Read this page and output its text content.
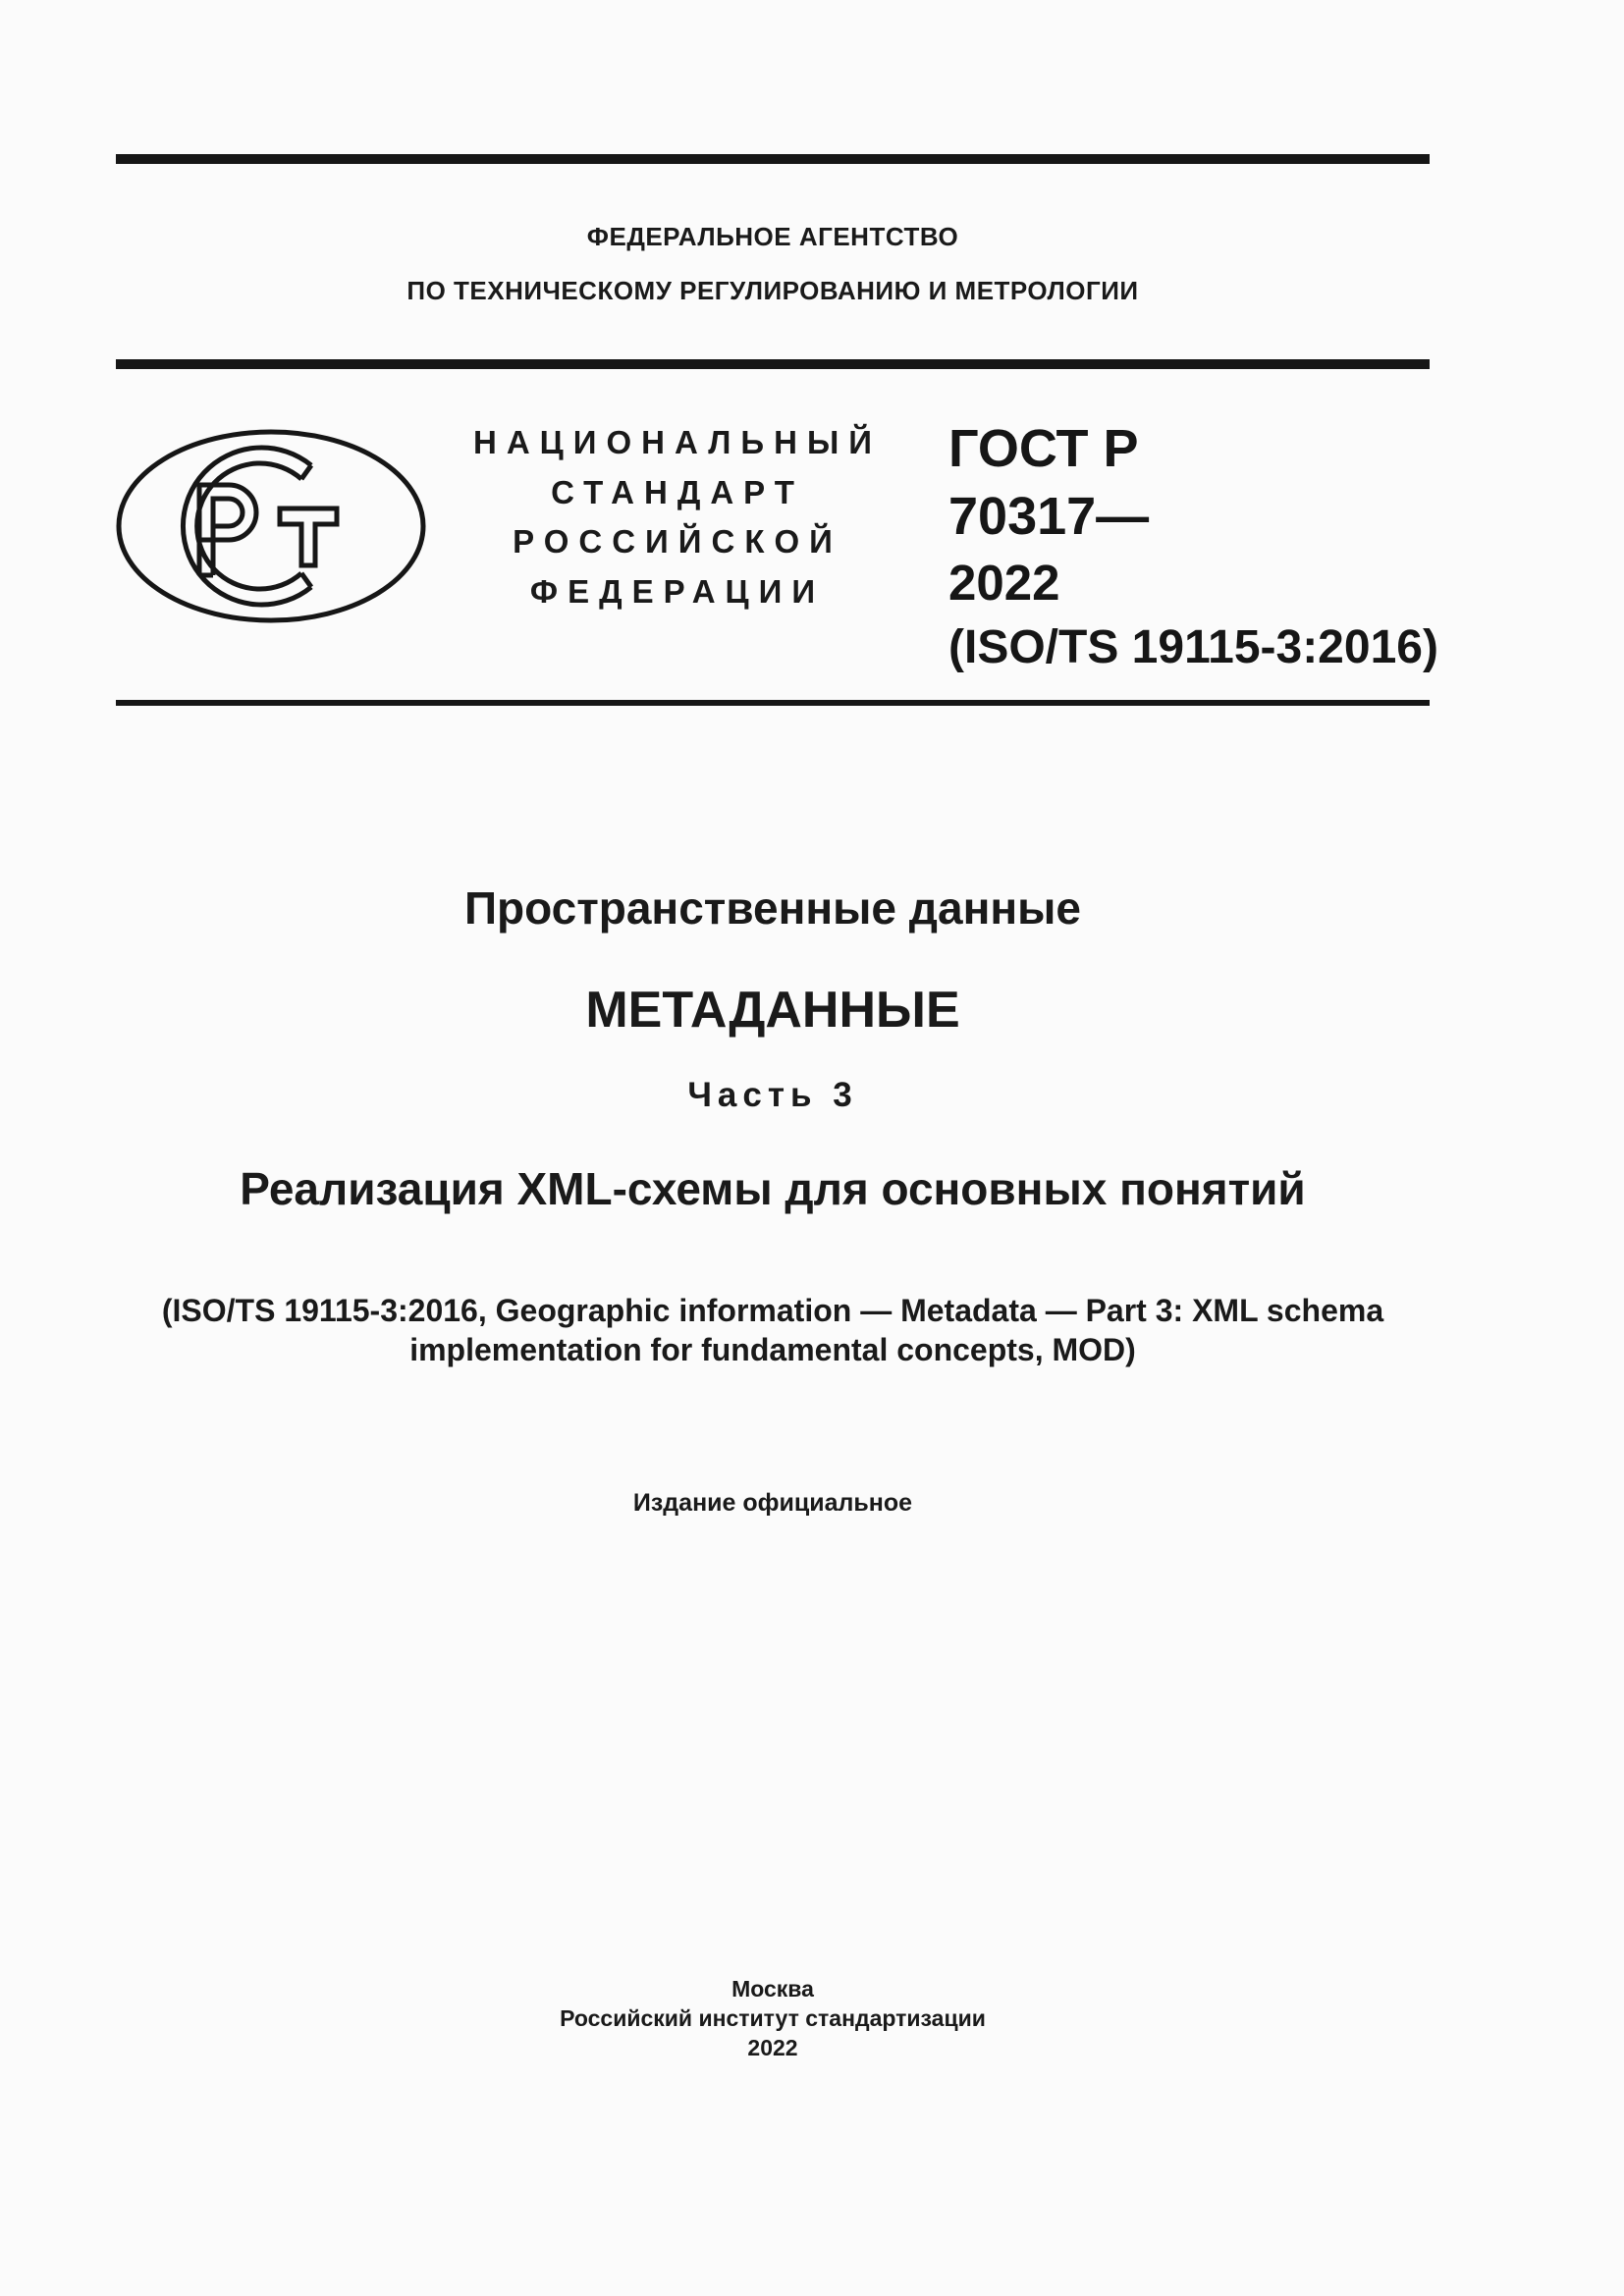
ФЕДЕРАЛЬНОЕ АГЕНТСТВО
ПО ТЕХНИЧЕСКОМУ РЕГУЛИРОВАНИЮ И МЕТРОЛОГИИ
НАЦИОНАЛЬНЫЙ
СТАНДАРТ
РОССИЙСКОЙ
ФЕДЕРАЦИИ
ГОСТ Р
70317—
2022
(ISO/TS 19115-3:2016)
Пространственные данные
МЕТАДАННЫЕ
Часть 3
Реализация XML-схемы для основных понятий
(ISO/TS 19115-3:2016, Geographic information — Metadata — Part 3: XML schema
implementation for fundamental concepts, MOD)
Издание официальное
Москва
Российский институт стандартизации
2022
